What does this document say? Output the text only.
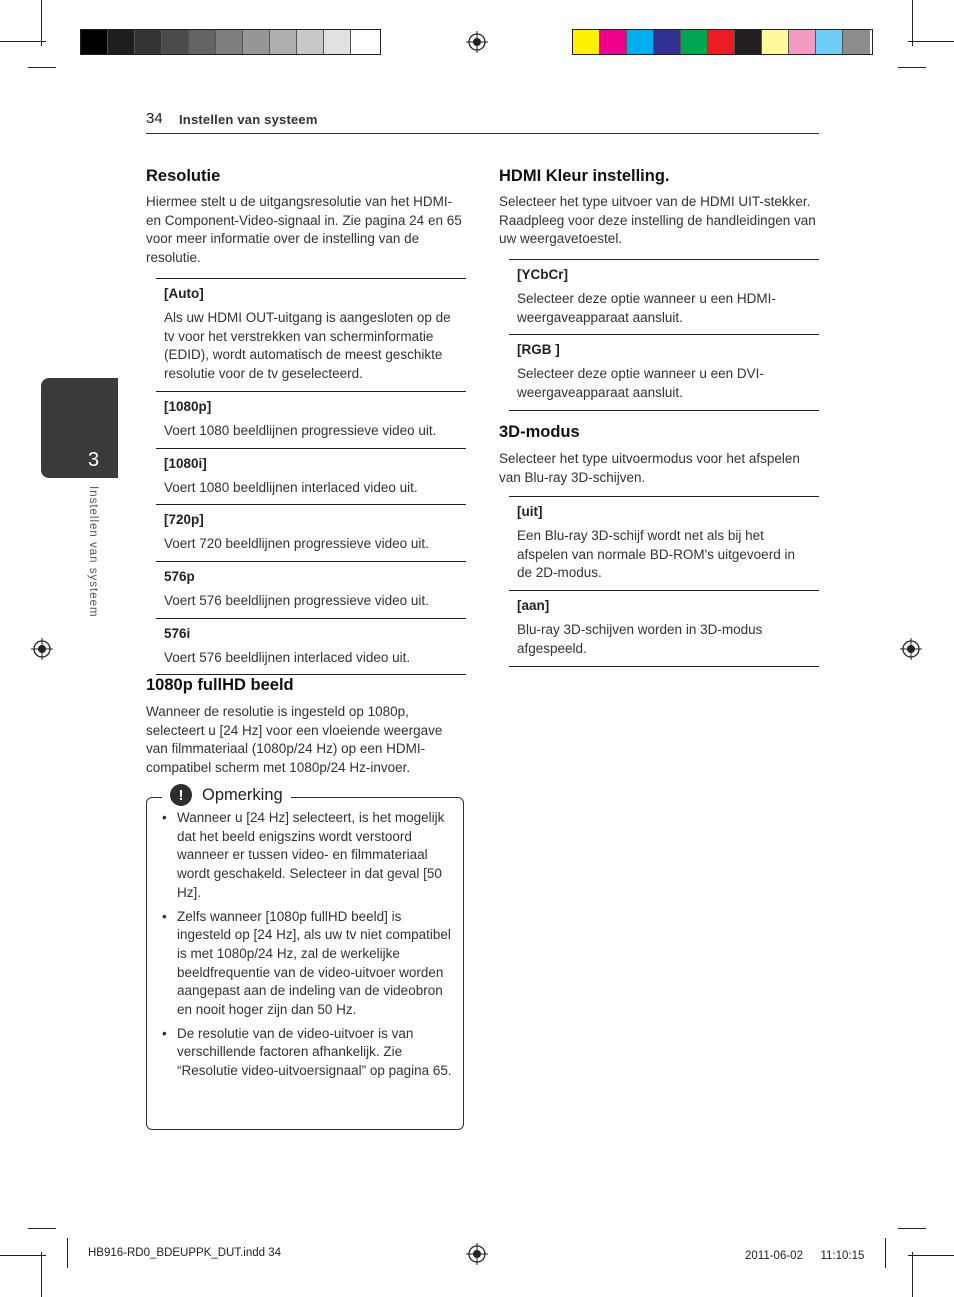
34 Instellen van systeem
3
Instellen van systeem
Resolutie

Hiermee stelt u de uitgangsresolutie van het HDMI- en Component-Video-signaal in. Zie pagina 24 en 65 voor meer informatie over de instelling van de resolutie.

[Auto]
Als uw HDMI OUT-uitgang is aangesloten op de tv voor het verstrekken van scherminformatie (EDID), wordt automatisch de meest geschikte resolutie voor de tv geselecteerd.
[1080p]
Voert 1080 beeldlijnen progressieve video uit.
[1080i]
Voert 1080 beeldlijnen interlaced video uit.
[720p]
Voert 720 beeldlijnen progressieve video uit.
576p
Voert 576 beeldlijnen progressieve video uit.
576i
Voert 576 beeldlijnen interlaced video uit.
1080p fullHD beeld

Wanneer de resolutie is ingesteld op 1080p, selecteert u [24 Hz] voor een vloeiende weergave van filmmateriaal (1080p/24 Hz) op een HDMI-compatibel scherm met 1080p/24 Hz-invoer.

• Wanneer u [24 Hz] selecteert, is het mogelijk dat het beeld enigszins wordt verstoord wanneer er tussen video- en filmmateriaal wordt geschakeld. Selecteer in dat geval [50 Hz].
• Zelfs wanneer [1080p fullHD beeld] is ingesteld op [24 Hz], als uw tv niet compatibel is met 1080p/24 Hz, zal de werkelijke beeldfrequentie van de video-uitvoer worden aangepast aan de indeling van de videobron en nooit hoger zijn dan 50 Hz.
• De resolutie van de video-uitvoer is van verschillende factoren afhankelijk. Zie “Resolutie video-uitvoersignaal” op pagina 65.
!	Opmerking
HDMI Kleur instelling.

Selecteer het type uitvoer van de HDMI UIT-stekker. Raadpleeg voor deze instelling de handleidingen van uw weergavetoestel.

[YCbCr]
Selecteer deze optie wanneer u een HDMI-weergaveapparaat aansluit.
[RGB ]
Selecteer deze optie wanneer u een DVI-weergaveapparaat aansluit.
3D-modus

Selecteer het type uitvoermodus voor het afspelen van Blu-ray 3D-schijven.

[uit]
Een Blu-ray 3D-schijf wordt net als bij het afspelen van normale BD-ROM's uitgevoerd in de 2D-modus.
[aan]
Blu-ray 3D-schijven worden in 3D-modus afgespeeld.
HB916-RD0_BDEUPPK_DUT.indd 34	2011-06-02 ᅠ 11:10:15
